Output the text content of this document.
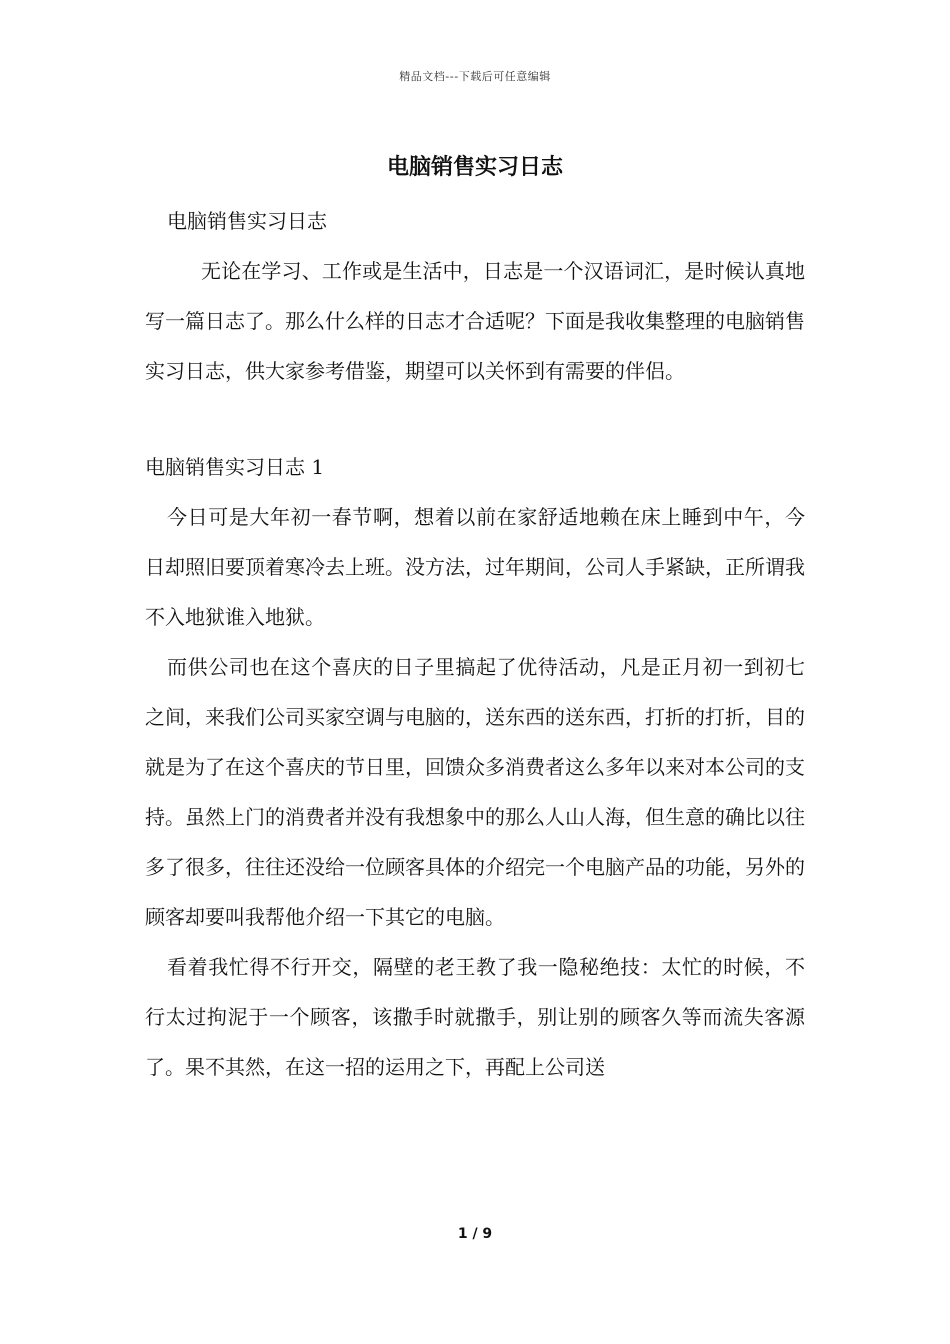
精品文档---下载后可任意编辑
电脑销售实习日志

电脑销售实习日志

无论在学习、工作或是生活中，日志是一个汉语词汇，是时候认真地写一篇日志了。那么什么样的日志才合适呢？下面是我收集整理的电脑销售实习日志，供大家参考借鉴，期望可以关怀到有需要的伴侣。

电脑销售实习日志 1

今日可是大年初一春节啊，想着以前在家舒适地赖在床上睡到中午，今日却照旧要顶着寒冷去上班。没方法，过年期间，公司人手紧缺，正所谓我不入地狱谁入地狱。

而供公司也在这个喜庆的日子里搞起了优待活动，凡是正月初一到初七之间，来我们公司买家空调与电脑的，送东西的送东西，打折的打折，目的就是为了在这个喜庆的节日里，回馈众多消费者这么多年以来对本公司的支持。虽然上门的消费者并没有我想象中的那么人山人海，但生意的确比以往多了很多，往往还没给一位顾客具体的介绍完一个电脑产品的功能，另外的顾客却要叫我帮他介绍一下其它的电脑。

看着我忙得不行开交，隔壁的老王教了我一隐秘绝技：太忙的时候，不行太过拘泥于一个顾客，该撒手时就撒手，别让别的顾客久等而流失客源了。果不其然，在这一招的运用之下，再配上公司送

1 / 9
